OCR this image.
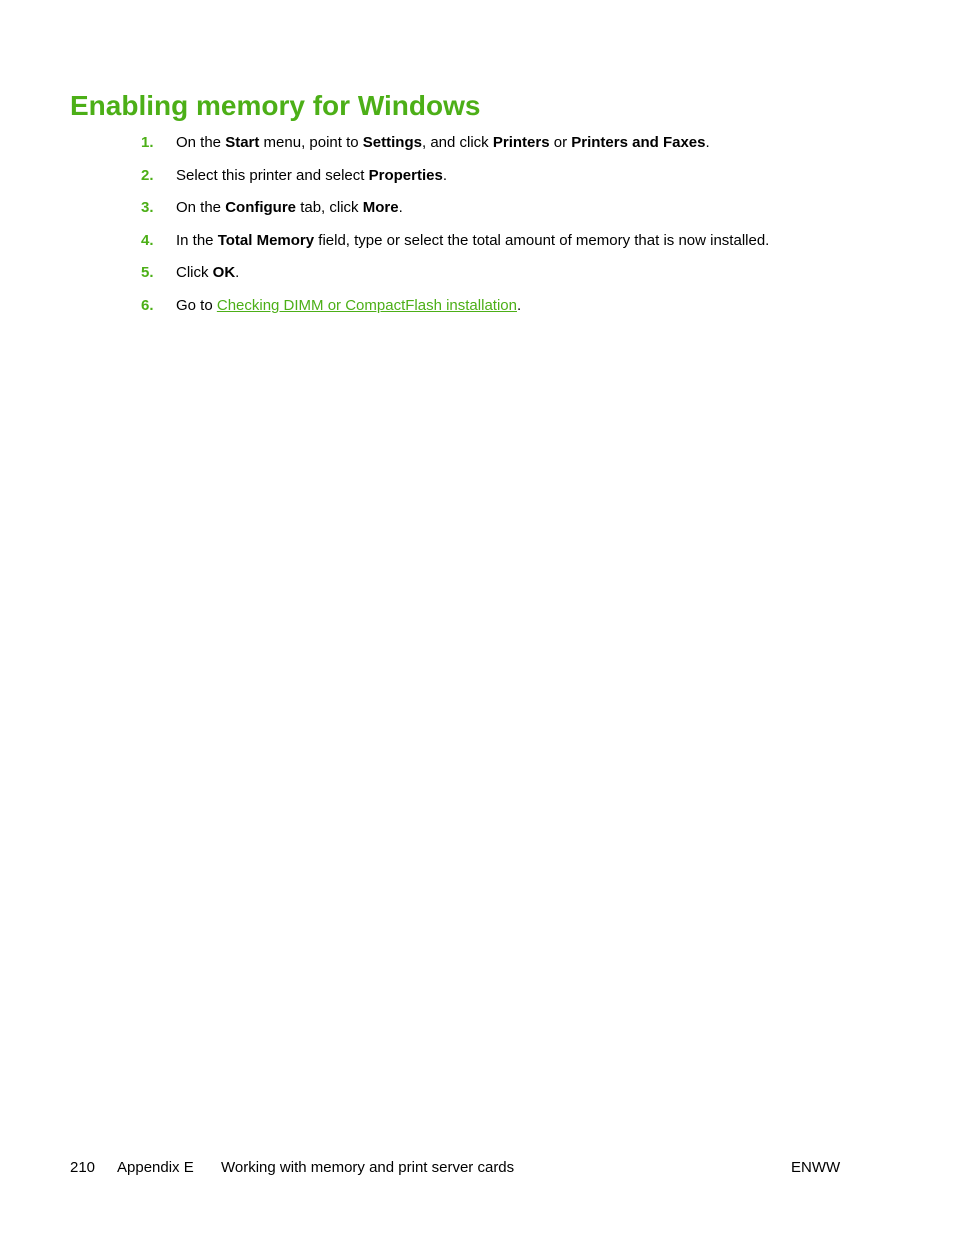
Enabling memory for Windows
1. On the Start menu, point to Settings, and click Printers or Printers and Faxes.
2. Select this printer and select Properties.
3. On the Configure tab, click More.
4. In the Total Memory field, type or select the total amount of memory that is now installed.
5. Click OK.
6. Go to Checking DIMM or CompactFlash installation.
210 Appendix E Working with memory and print server cards	ENWW
